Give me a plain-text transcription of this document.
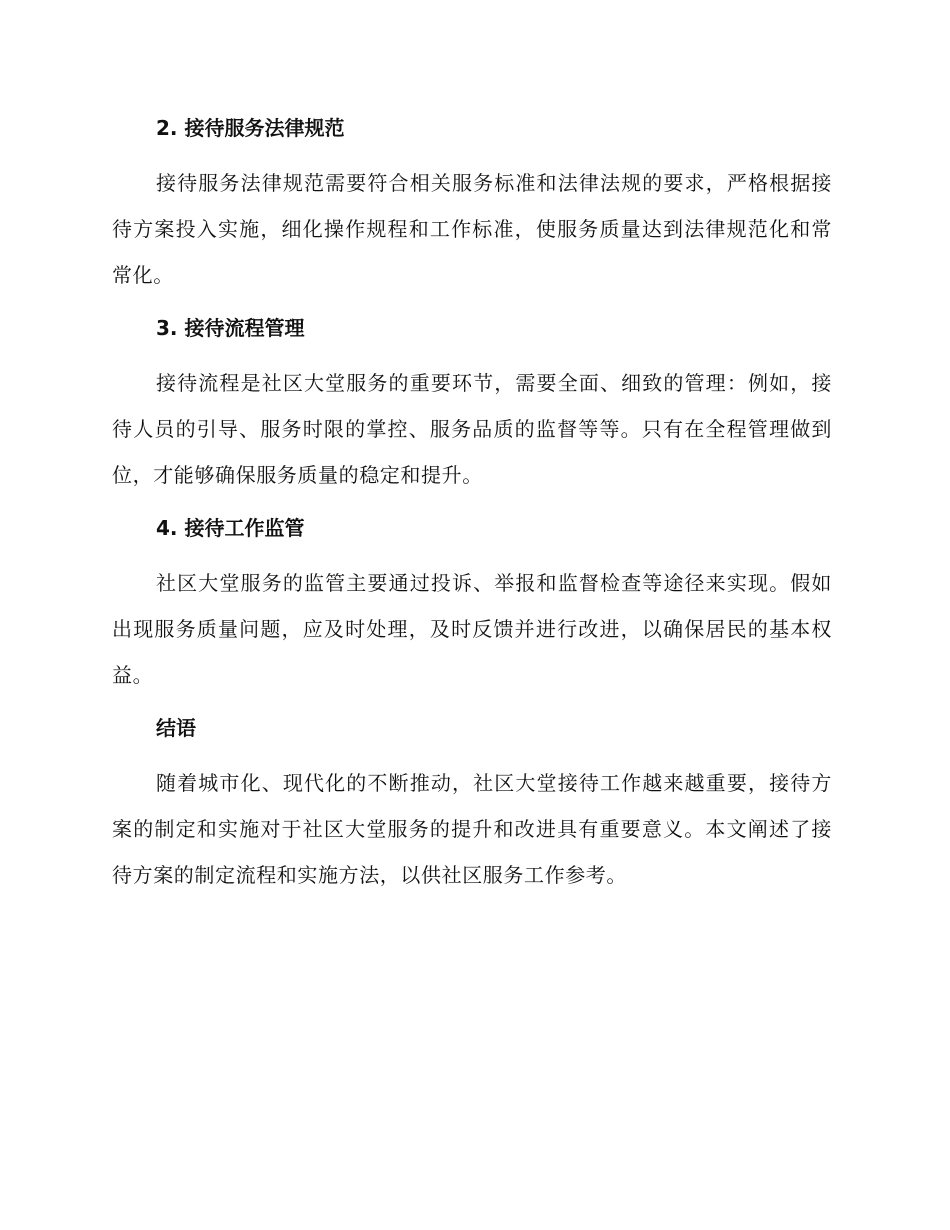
2. 接待服务法律规范

接待服务法律规范需要符合相关服务标准和法律法规的要求，严格根据接待方案投入实施，细化操作规程和工作标准，使服务质量达到法律规范化和常常化。

3. 接待流程管理

接待流程是社区大堂服务的重要环节，需要全面、细致的管理：例如，接待人员的引导、服务时限的掌控、服务品质的监督等等。只有在全程管理做到位，才能够确保服务质量的稳定和提升。

4. 接待工作监管

社区大堂服务的监管主要通过投诉、举报和监督检查等途径来实现。假如出现服务质量问题，应及时处理，及时反馈并进行改进，以确保居民的基本权益。

结语

随着城市化、现代化的不断推动，社区大堂接待工作越来越重要，接待方案的制定和实施对于社区大堂服务的提升和改进具有重要意义。本文阐述了接待方案的制定流程和实施方法，以供社区服务工作参考。
